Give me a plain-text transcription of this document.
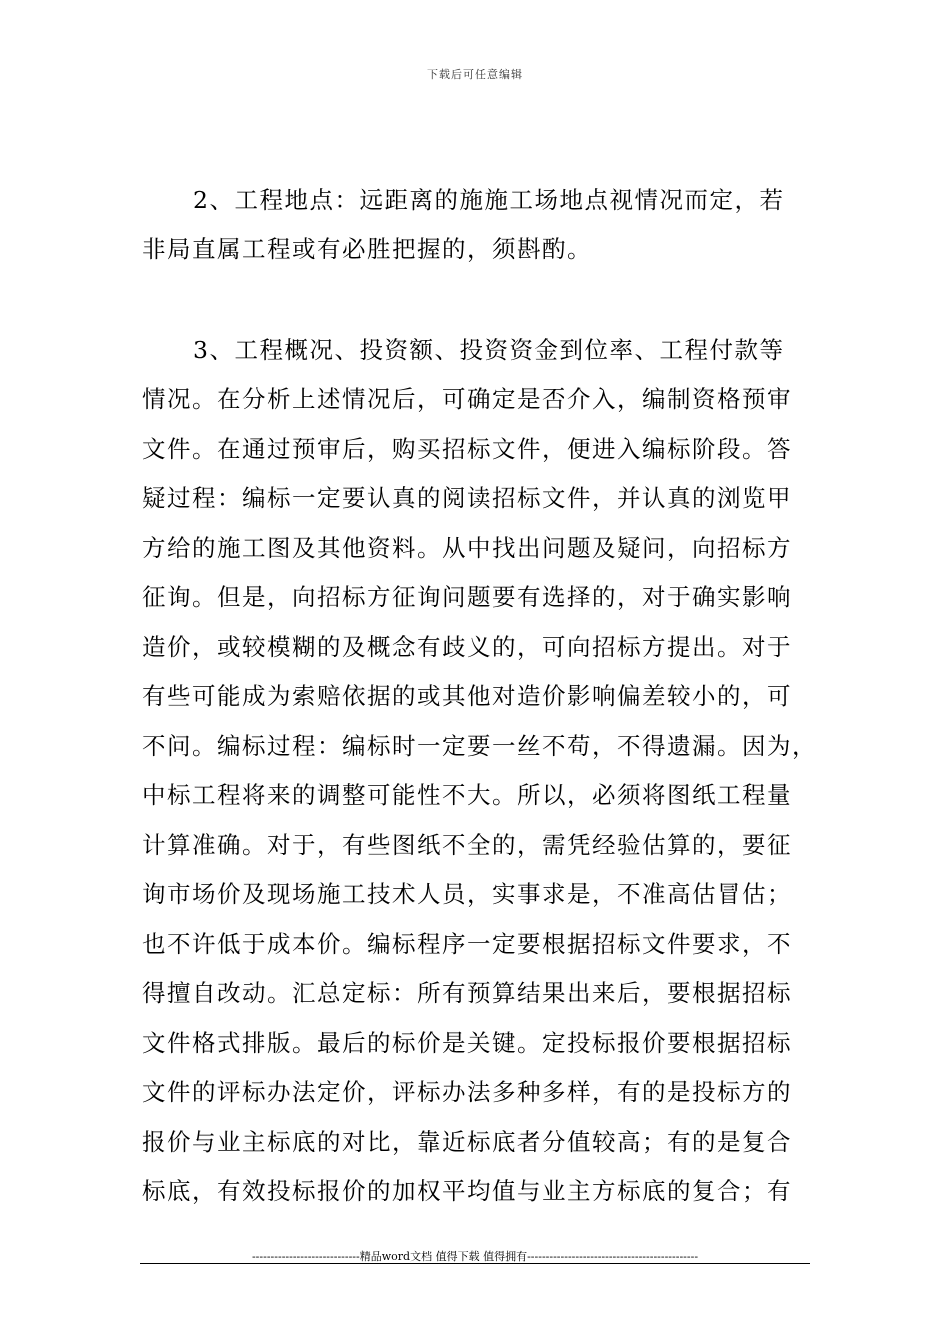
下载后可任意编辑
2、工程地点：远距离的施施工场地点视情况而定，若
非局直属工程或有必胜把握的，须斟酌。
3、工程概况、投资额、投资资金到位率、工程付款等
情况。在分析上述情况后，可确定是否介入，编制资格预审
文件。在通过预审后，购买招标文件，便进入编标阶段。答
疑过程：编标一定要认真的阅读招标文件，并认真的浏览甲
方给的施工图及其他资料。从中找出问题及疑问，向招标方
征询。但是，向招标方征询问题要有选择的，对于确实影响
造价，或较模糊的及概念有歧义的，可向招标方提出。对于
有些可能成为索赔依据的或其他对造价影响偏差较小的，可
不问。编标过程：编标时一定要一丝不苟，不得遗漏。因为，
中标工程将来的调整可能性不大。所以，必须将图纸工程量
计算准确。对于，有些图纸不全的，需凭经验估算的，要征
询市场价及现场施工技术人员，实事求是，不准高估冒估；
也不许低于成本价。编标程序一定要根据招标文件要求，不
得擅自改动。汇总定标：所有预算结果出来后，要根据招标
文件格式排版。最后的标价是关键。定投标报价要根据招标
文件的评标办法定价，评标办法多种多样，有的是投标方的
报价与业主标底的对比，靠近标底者分值较高；有的是复合
标底，有效投标报价的加权平均值与业主方标底的复合；有
-----------------------------精品word文档 值得下载 值得拥有----------------------------------------------
